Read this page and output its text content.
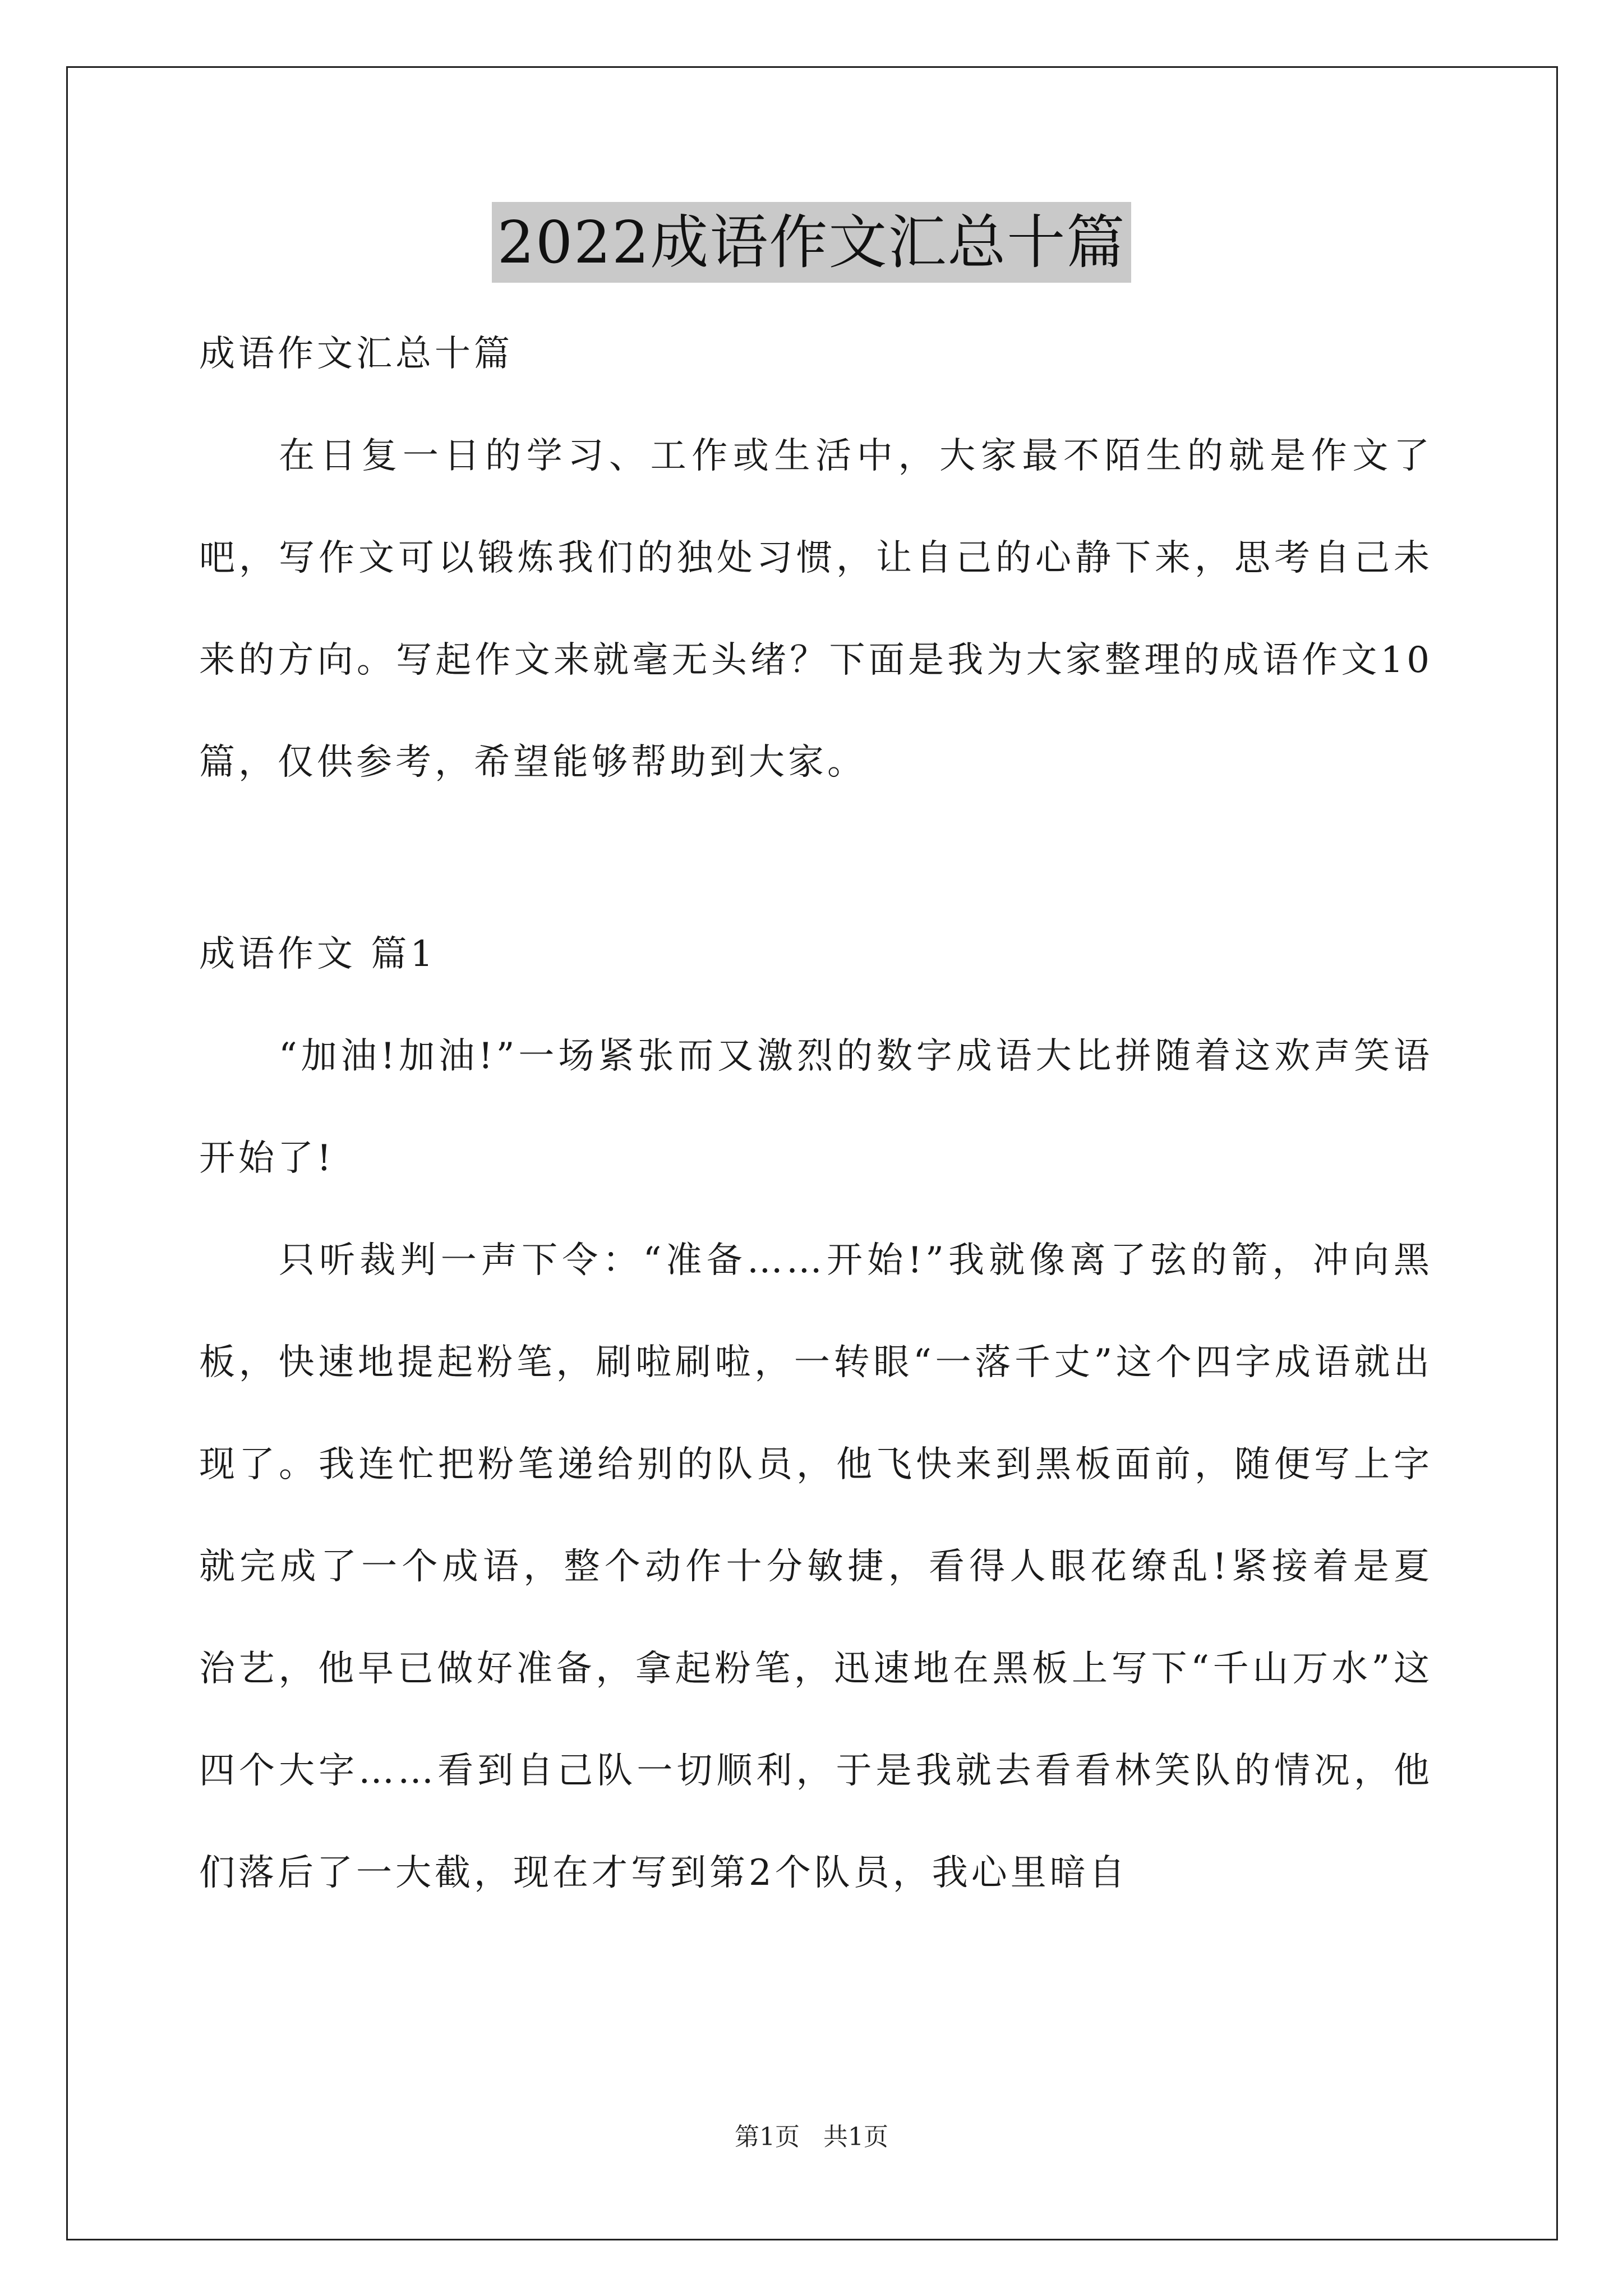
2022成语作文汇总十篇

成语作文汇总十篇

在日复一日的学习、工作或生活中，大家最不陌生的就是作文了吧，写作文可以锻炼我们的独处习惯，让自己的心静下来，思考自己未来的方向。写起作文来就毫无头绪？下面是我为大家整理的成语作文10篇，仅供参考，希望能够帮助到大家。

成语作文 篇1

“加油!加油!”一场紧张而又激烈的数字成语大比拼随着这欢声笑语开始了!

只听裁判一声下令：“准备……开始!”我就像离了弦的箭，冲向黑板，快速地提起粉笔，刷啦刷啦，一转眼“一落千丈”这个四字成语就出现了。我连忙把粉笔递给别的队员，他飞快来到黑板面前，随便写上字就完成了一个成语，整个动作十分敏捷，看得人眼花缭乱!紧接着是夏治艺，他早已做好准备，拿起粉笔，迅速地在黑板上写下“千山万水”这四个大字……看到自己队一切顺利，于是我就去看看林笑队的情况，他们落后了一大截，现在才写到第2个队员，我心里暗自

第1页 共1页
